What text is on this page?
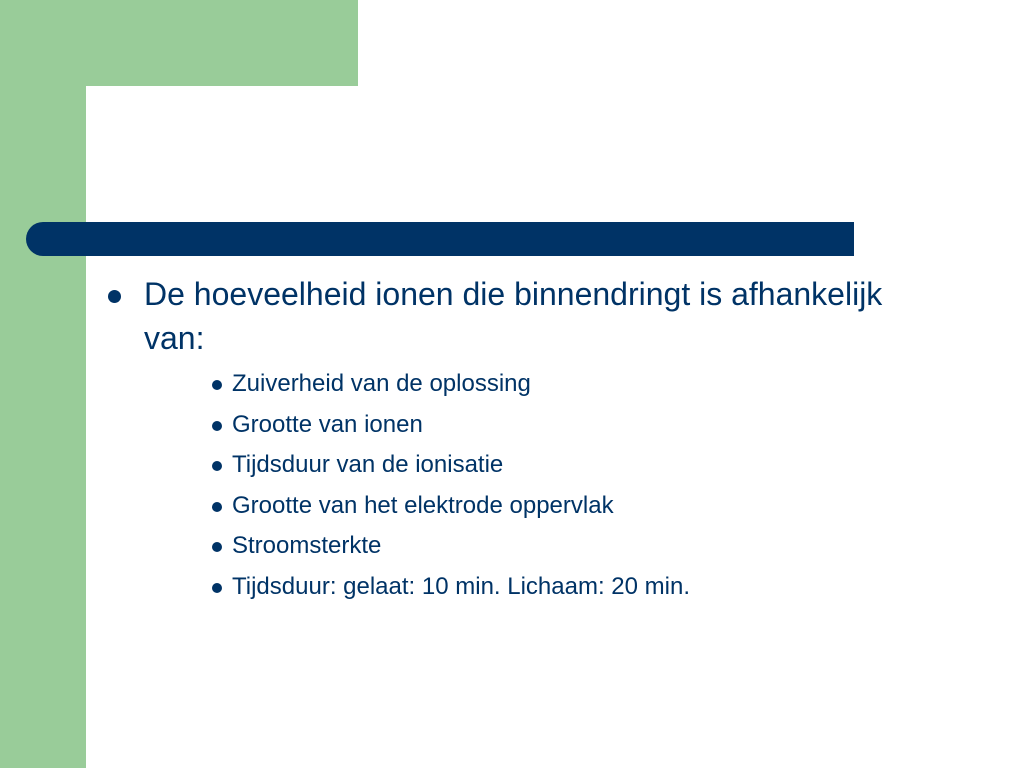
De hoeveelheid ionen die binnendringt is afhankelijk van:
Zuiverheid van de oplossing
Grootte van ionen
Tijdsduur van de ionisatie
Grootte van het elektrode oppervlak
Stroomsterkte
Tijdsduur: gelaat: 10 min. Lichaam: 20 min.
